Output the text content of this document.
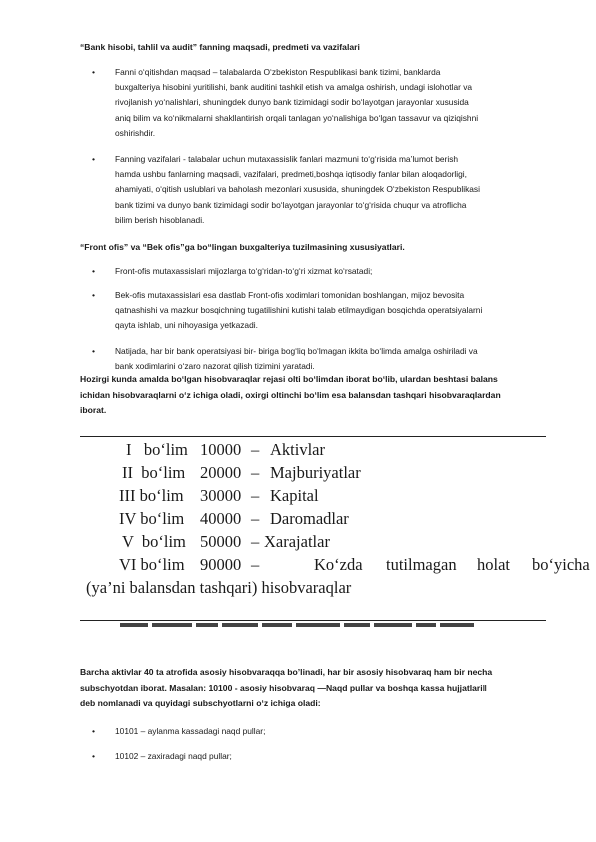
“Bank hisobi, tahlil va audit” fanning maqsadi, predmeti va vazifalari
• Fanni o‘qitishdan maqsad – talabalarda O‘zbekiston Respublikasi bank tizimi, banklarda
buxgalteriya hisobini yuritilishi, bank auditini tashkil etish va amalga oshirish, undagi islohotlar va
rivojlanish yo‘nalishlari, shuningdek dunyo bank tizimidagi sodir bo‘layotgan jarayonlar xususida
aniq bilim va ko‘nikmalarni shakllantirish orqali tanlagan yo‘nalishiga bo‘lgan tassavur va qiziqishni
oshirishdir.
• Fanning vazifalari - talabalar uchun mutaxassislik fanlari mazmuni to‘g‘risida ma’lumot berish
hamda ushbu fanlarning maqsadi, vazifalari, predmeti,boshqa iqtisodiy fanlar bilan aloqadorligi,
ahamiyati, o‘qitish uslublari va baholash mezonlari xususida, shuningdek O‘zbekiston Respublikasi
bank tizimi va dunyo bank tizimidagi sodir bo‘layotgan jarayonlar to‘g‘risida chuqur va atroflicha
bilim berish hisoblanadi.
“Front ofis” va “Bek ofis”ga bo“lingan buxgalteriya tuzilmasining xususiyatlari.
• Front-ofis mutaxassislari mijozlarga to‘g‘ridan-to‘g‘ri xizmat ko‘rsatadi;
• Bek-ofis mutaxassislari esa dastlab Front-ofis xodimlari tomonidan boshlangan, mijoz bevosita
qatnashishi va mazkur bosqichning tugatilishini kutishi talab etilmaydigan bosqichda operatsiyalarni
qayta ishlab, uni nihoyasiga yetkazadi.
• Natijada, har bir bank operatsiyasi bir- biriga bog‘liq bo‘lmagan ikkita bo‘limda amalga oshiriladi va
bank xodimlarini o‘zaro nazorat qilish tizimini yaratadi.
Hozirgi kunda amalda bo‘lgan hisobvaraqlar rejasi olti bo‘limdan iborat bo‘lib, ulardan beshtasi balans
ichidan hisobvaraqlarni o‘z ichiga oladi, oxirgi oltinchi bo‘lim esa balansdan tashqari hisobvaraqlardan
iborat.

I   bo‘lim

10000

–

Aktivlar

II  bo‘lim

20000

–

Majburiyatlar

III bo‘lim

30000

–

Kapital

IV bo‘lim

40000

–

Daromadlar

V  bo‘lim

50000

–

Xarajatlar

VI bo‘lim

90000

–

	Ko‘zda

tutilmagan

holat

bo‘yicha

(ya’ni balansdan tashqari) hisobvaraqlar

Barcha aktivlar 40 ta atrofida asosiy hisobvaraqqa bo’linadi, har bir asosiy hisobvaraq ham bir necha
subschyotdan iborat. Masalan: 10100 - asosiy hisobvaraq ―Naqd pullar va boshqa kassa hujjatlari‖
deb nomlanadi va quyidagi subschyotlarni o‘z ichiga oladi:
• 10101 – aylanma kassadagi naqd pullar;
• 10102 – zaxiradagi naqd pullar;
